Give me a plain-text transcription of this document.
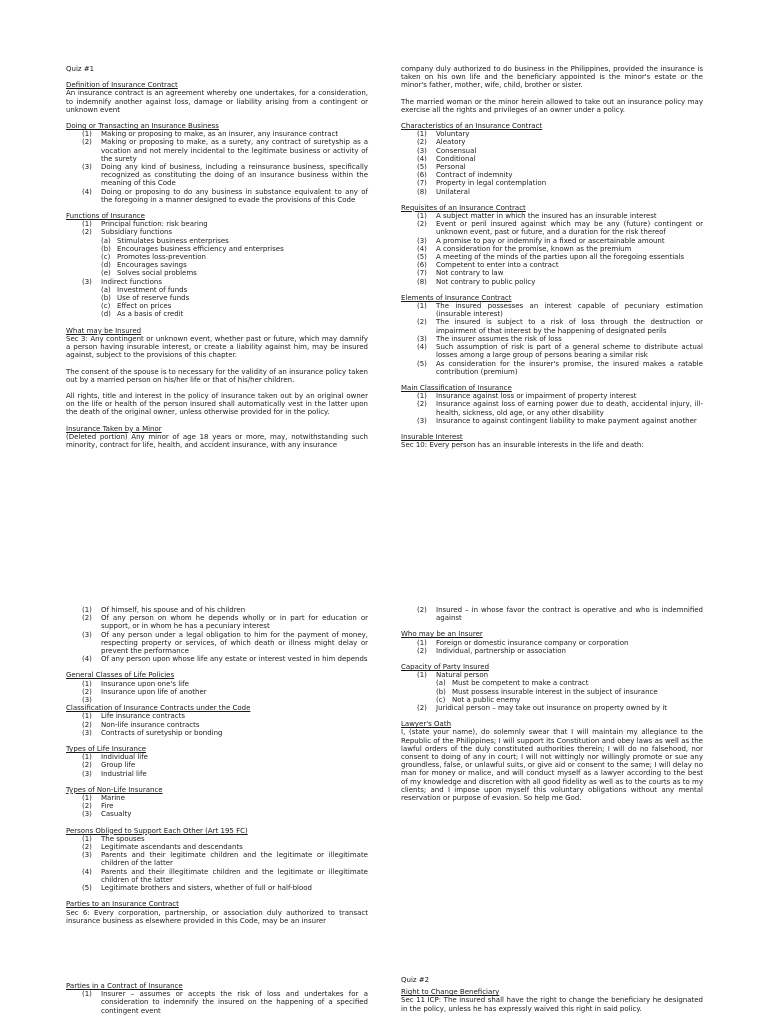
Quiz #1

Definition of Insurance Contract

An insurance contract is an agreement whereby one undertakes, for a consideration, to indemnify another against loss, damage or liability arising from a contingent or unknown event

Doing or Transacting an Insurance Business

(1)	Making or proposing to make, as an insurer, any insurance contract
(2)	Making or proposing to make, as a surety, any contract of suretyship as a vocation and not merely incidental to the legitimate business or activity of the surety
(3)	Doing any kind of business, including a reinsurance business, specifically recognized as constituting the doing of an insurance business within the meaning of this Code
(4)	Doing or proposing to do any business in substance equivalent to any of the foregoing in a manner designed to evade the provisions of this Code

Functions of Insurance

(1)	Principal function: risk bearing
(2)	Subsidiary functions
(a) Stimulates business enterprises
(b) Encourages business efficiency and enterprises
(c) Promotes loss-prevention
(d) Encourages savings
(e) Solves social problems
(3)	Indirect functions
(a) Investment of funds
(b) Use of reserve funds
(c) Effect on prices
(d) As a basis of credit

What may be Insured

Sec 3: Any contingent or unknown event, whether past or future, which may damnify a person having insurable interest, or create a liability against him, may be insured against, subject to the provisions of this chapter.

The consent of the spouse is to necessary for the validity of an insurance policy taken out by a married person on his/her life or that of his/her children.

All rights, title and interest in the policy of insurance taken out by an original owner on the life or health of the person insured shall automatically vest in the latter upon the death of the original owner, unless otherwise provided for in the policy.

Insurance Taken by a Minor

(Deleted portion) Any minor of age 18 years or more, may, notwithstanding such minority, contract for life, health, and accident insurance, with any insurance

company duly authorized to do business in the Philippines, provided the insurance is taken on his own life and the beneficiary appointed is the minor's estate or the minor's father, mother, wife, child, brother or sister.

The married woman or the minor herein allowed to take out an insurance policy may exercise all the rights and privileges of an owner under a policy.

Characteristics of an Insurance Contract

(1)	Voluntary
(2)	Aleatory
(3)	Consensual
(4)	Conditional
(5)	Personal
(6)	Contract of indemnity
(7)	Property in legal contemplation
(8)	Unilateral

Requisites of an Insurance Contract

(1)	A subject matter in which the insured has an insurable interest
(2)	Event or peril insured against which may be any (future) contingent or unknown event, past or future, and a duration for the risk thereof
(3)	A promise to pay or indemnify in a fixed or ascertainable amount
(4)	A consideration for the promise, known as the premium
(5)	A meeting of the minds of the parties upon all the foregoing essentials
(6)	Competent to enter into a contract
(7)	Not contrary to law
(8)	Not contrary to public policy

Elements of Insurance Contract

(1)	The insured possesses an interest capable of pecuniary estimation (insurable interest)
(2)	The insured is subject to a risk of loss through the destruction or impairment of that interest by the happening of designated perils
(3)	The insurer assumes the risk of loss
(4)	Such assumption of risk is part of a general scheme to distribute actual losses among a large group of persons bearing a similar risk
(5)	As consideration for the insurer's promise, the insured makes a ratable contribution (premium)

Main Classification of Insurance

(1)	Insurance against loss or impairment of property interest
(2)	Insurance against loss of earning power due to death, accidental injury, ill-health, sickness, old age, or any other disability
(3)	Insurance to against contingent liability to make payment against another

Insurable Interest

Sec 10: Every person has an insurable interests in the life and death:

(1)	Of himself, his spouse and of his children
(2)	Of any person on whom he depends wholly or in part for education or support, or in whom he has a pecuniary interest
(3)	Of any person under a legal obligation to him for the payment of money, respecting property or services, of which death or illness might delay or prevent the performance
(4)	Of any person upon whose life any estate or interest vested in him depends

General Classes of Life Policies

(1)	Insurance upon one's life
(2)	Insurance upon life of another
(3)

Classification of Insurance Contracts under the Code

(1)	Life insurance contracts
(2)	Non-life insurance contracts
(3)	Contracts of suretyship or bonding

Types of Life Insurance

(1)	Individual life
(2)	Group life
(3)	Industrial life

Types of Non-Life Insurance

(1)	Marine
(2)	Fire
(3)	Casualty

Persons Obliged to Support Each Other (Art 195 FC)

(1)	The spouses
(2)	Legitimate ascendants and descendants
(3)	Parents and their legitimate children and the legitimate or illegitimate children of the latter
(4)	Parents and their illegitimate children and the legitimate or illegitimate children of the latter
(5)	Legitimate brothers and sisters, whether of full or half-blood

Parties to an Insurance Contract

Sec 6: Every corporation, partnership, or association duly authorized to transact insurance business as elsewhere provided in this Code, may be an insurer

Parties in a Contract of Insurance

(1)	Insurer – assumes or accepts the risk of loss and undertakes for a consideration to indemnify the insured on the happening of a specified contingent event
(2)	Insured – in whose favor the contract is operative and who is indemnified against

Who may be an Insurer

(1)	Foreign or domestic insurance company or corporation
(2)	Individual, partnership or association

Capacity of Party Insured

(1)	Natural person
(a) Must be competent to make a contract
(b) Must possess insurable interest in the subject of insurance
(c) Not a public enemy
(2)	Juridical person – may take out insurance on property owned by it

Lawyer's Oath

I, (state your name), do solemnly swear that I will maintain my allegiance to the Republic of the Philippines; I will support its Constitution and obey laws as well as the lawful orders of the duly constituted authorities therein; I will do no falsehood, nor consent to doing of any in court; I will not wittingly nor willingly promote or sue any groundless, false, or unlawful suits, or give aid or consent to the same; I will delay no man for money or malice, and will conduct myself as a lawyer according to the best of my knowledge and discretion with all good fidelity as well as to the courts as to my clients; and I impose upon myself this voluntary obligations without any mental reservation or purpose of evasion. So help me God.

Quiz #2

Right to Change Beneficiary

Sec 11 ICP: The insured shall have the right to change the beneficiary he designated in the policy, unless he has expressly waived this right in said policy.
